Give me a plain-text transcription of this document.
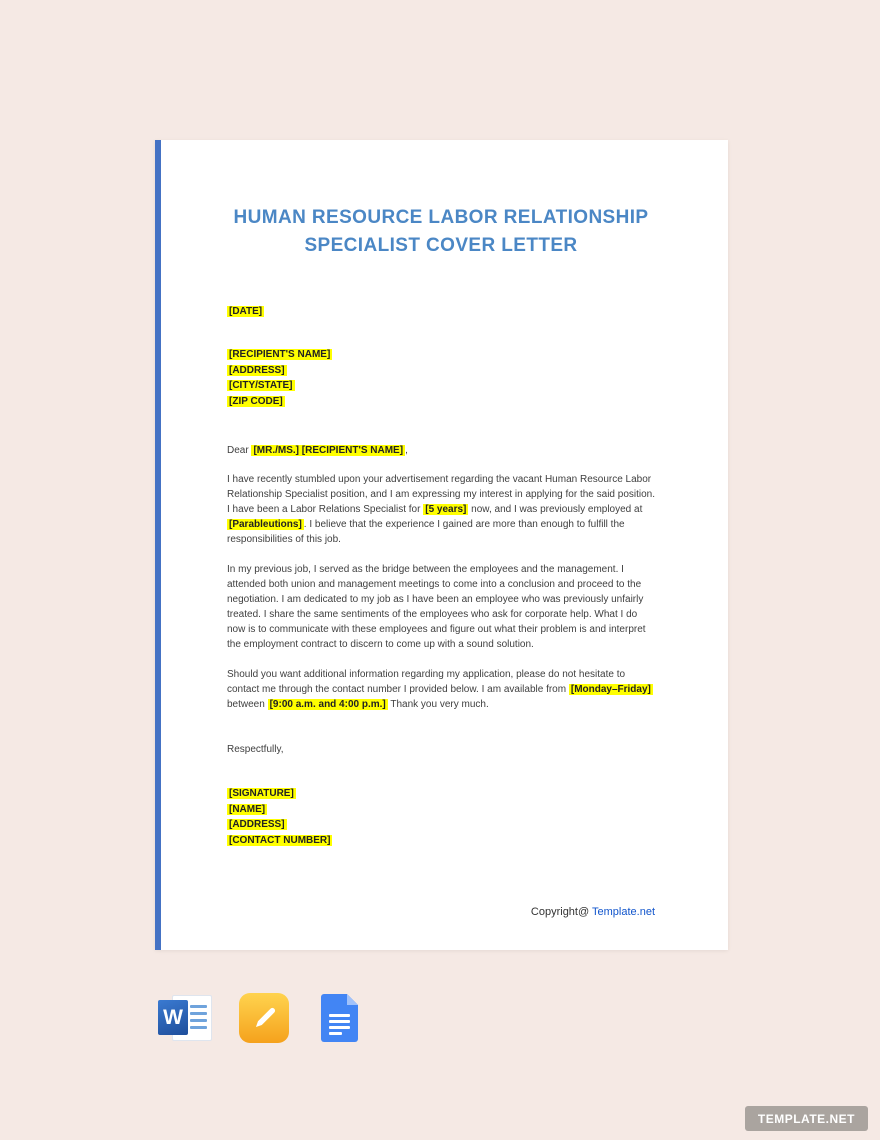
HUMAN RESOURCE LABOR RELATIONSHIP
SPECIALIST COVER LETTER
[DATE]
[RECIPIENT'S NAME]
[ADDRESS]
[CITY/STATE]
[ZIP CODE]
Dear [MR./MS.] [RECIPIENT'S NAME] ,

I have recently stumbled upon your advertisement regarding the vacant Human Resource Labor Relationship Specialist position, and I am expressing my interest in applying for the said position. I have been a Labor Relations Specialist for [5 years] now, and I was previously employed at [Parableutions] . I believe that the experience I gained are more than enough to fulfill the responsibilities of this job.

In my previous job, I served as the bridge between the employees and the management. I attended both union and management meetings to come into a conclusion and proceed to the negotiation. I am dedicated to my job as I have been an employee who was previously unfairly treated. I share the same sentiments of the employees who ask for corporate help. What I do now is to communicate with these employees and figure out what their problem is and interpret the employment contract to discern to come up with a sound solution.

Should you want additional information regarding my application, please do not hesitate to contact me through the contact number I provided below. I am available from [Monday–Friday] between [9:00 a.m. and 4:00 p.m.] Thank you very much.

Respectfully,
[SIGNATURE]
[NAME]
[ADDRESS]
[CONTACT NUMBER]
Copyright@ Template.net
W
TEMPLATE.NET
